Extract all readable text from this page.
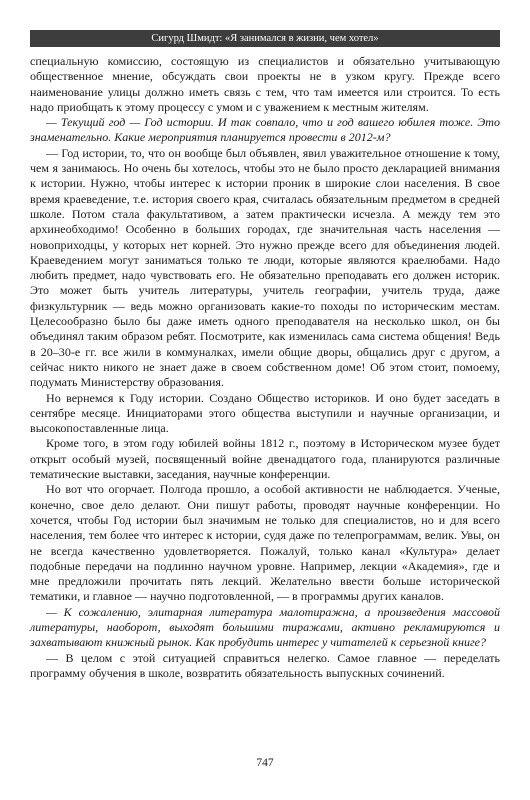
Сигурд Шмидт: «Я занимался в жизни, чем хотел»

специальную комиссию, состоящую из специалистов и обязательно учитывающую общественное мнение, обсуждать свои проекты не в узком кругу. Прежде всего наименование улицы должно иметь связь с тем, что там имеется или строится. То есть надо приобщать к этому процессу с умом и с уважением к местным жителям.

— Текущий год — Год истории. И так совпало, что и год вашего юбилея тоже. Это знаменательно. Какие мероприятия планируется провести в 2012-м?

— Год истории, то, что он вообще был объявлен, явил уважительное отношение к тому, чем я занимаюсь. Но очень бы хотелось, чтобы это не было просто декларацией внимания к истории. Нужно, чтобы интерес к истории проник в широкие слои населения. В свое время краеведение, т.е. история своего края, считалась обязательным предметом в средней школе. Потом стала факультативом, а затем практически исчезла. А между тем это архинеобходимо! Особенно в больших городах, где значительная часть населения — новоприходцы, у которых нет корней. Это нужно прежде всего для объединения людей. Краеведением могут заниматься только те люди, которые являются краелюбами. Надо любить предмет, надо чувствовать его. Не обязательно преподавать его должен историк. Это может быть учитель литературы, учитель географии, учитель труда, даже физкультурник — ведь можно организовать какие-то походы по историческим местам. Целесообразно было бы даже иметь одного преподавателя на несколько школ, он бы объединял таким образом ребят. Посмотрите, как изменилась сама система общения! Ведь в 20–30-е гг. все жили в коммуналках, имели общие дворы, общались друг с другом, а сейчас никто никого не знает даже в своем собственном доме! Об этом стоит, помоему, подумать Министерству образования.

Но вернемся к Году истории. Создано Общество историков. И оно будет заседать в сентябре месяце. Инициаторами этого общества выступили и научные организации, и высокопоставленные лица.

Кроме того, в этом году юбилей войны 1812 г., поэтому в Историческом музее будет открыт особый музей, посвященный войне двенадцатого года, планируются различные тематические выставки, заседания, научные конференции.

Но вот что огорчает. Полгода прошло, а особой активности не наблюдается. Ученые, конечно, свое дело делают. Они пишут работы, проводят научные конференции. Но хочется, чтобы Год истории был значимым не только для специалистов, но и для всего населения, тем более что интерес к истории, судя даже по телепрограммам, велик. Увы, он не всегда качественно удовлетворяется. Пожалуй, только канал «Культура» делает подобные передачи на подлинно научном уровне. Например, лекции «Академия», где и мне предложили прочитать пять лекций. Желательно ввести больше исторической тематики, и главное — научно подготовленной, — в программы других каналов.

— К сожалению, элитарная литература малотиражна, а произведения массовой литературы, наоборот, выходят большими тиражами, активно рекламируются и захватывают книжный рынок. Как пробудить интерес у читателей к серьезной книге?

— В целом с этой ситуацией справиться нелегко. Самое главное — переделать программу обучения в школе, возвратить обязательность выпускных сочинений.

747
